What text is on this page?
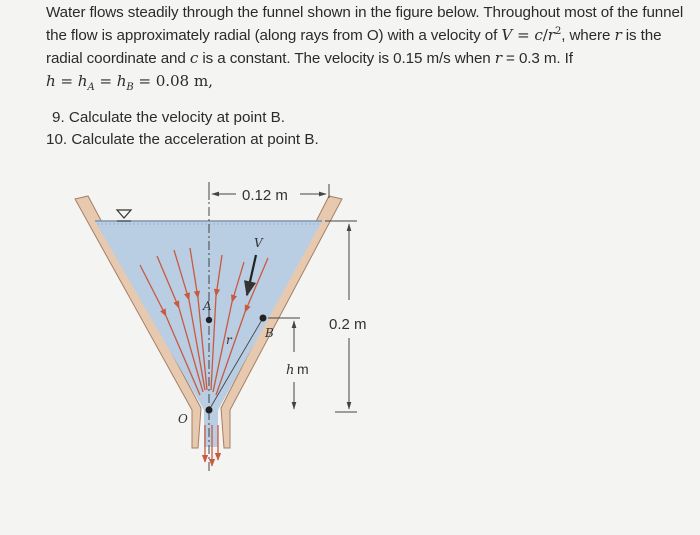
Water flows steadily through the funnel shown in the figure below. Throughout most of the funnel

the flow is approximately radial (along rays from O) with a velocity of $V = c/r^2$, where r is the

radial coordinate and c is a constant. The velocity is 0.15 m/s when r = 0.3 m. If

$h = h_A = h_B = 0.08$ m,

9. Calculate the velocity at point B.

10. Calculate the acceleration at point B.

V
r
A
B
O
0.12 m
0.2 m
h m
